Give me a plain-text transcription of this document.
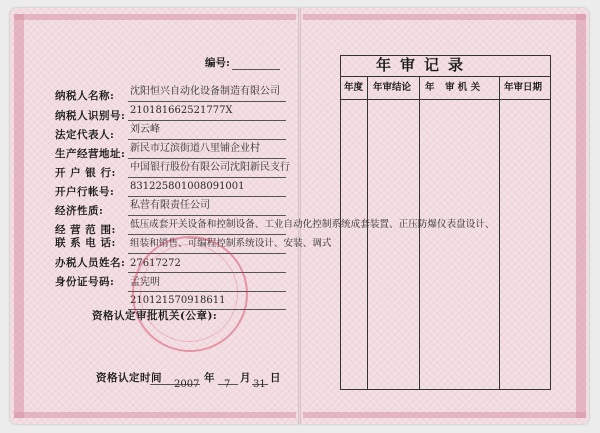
编号:
纳税人名称: 沈阳恒兴自动化设备制造有限公司
纳税人识别号: 210181662521777X
法定代表人: 刘云峰
生产经营地址: 新民市辽滨街道八里铺企业村
开 户 银 行: 中国银行股份有限公司沈阳新民支行
开户行帐号: 831225801008091001
经济性质:	私营有限责任公司
经 营 范 围: 低压成套开关设备和控制设备、工业自动化控制系统成套装置、正压防爆仪表盘设计、
组装和销售、可编程控制系统设计、安装、调式
联 系 电 话:
27617272
办税人员姓名:
孟宪明
身份证号码:
210121570918611
资格认定审批机关(公章):
资格认定时间
2007
年
7
月
31
日
年审记录
年度 年审结论 年 审 机 关	年审日期
